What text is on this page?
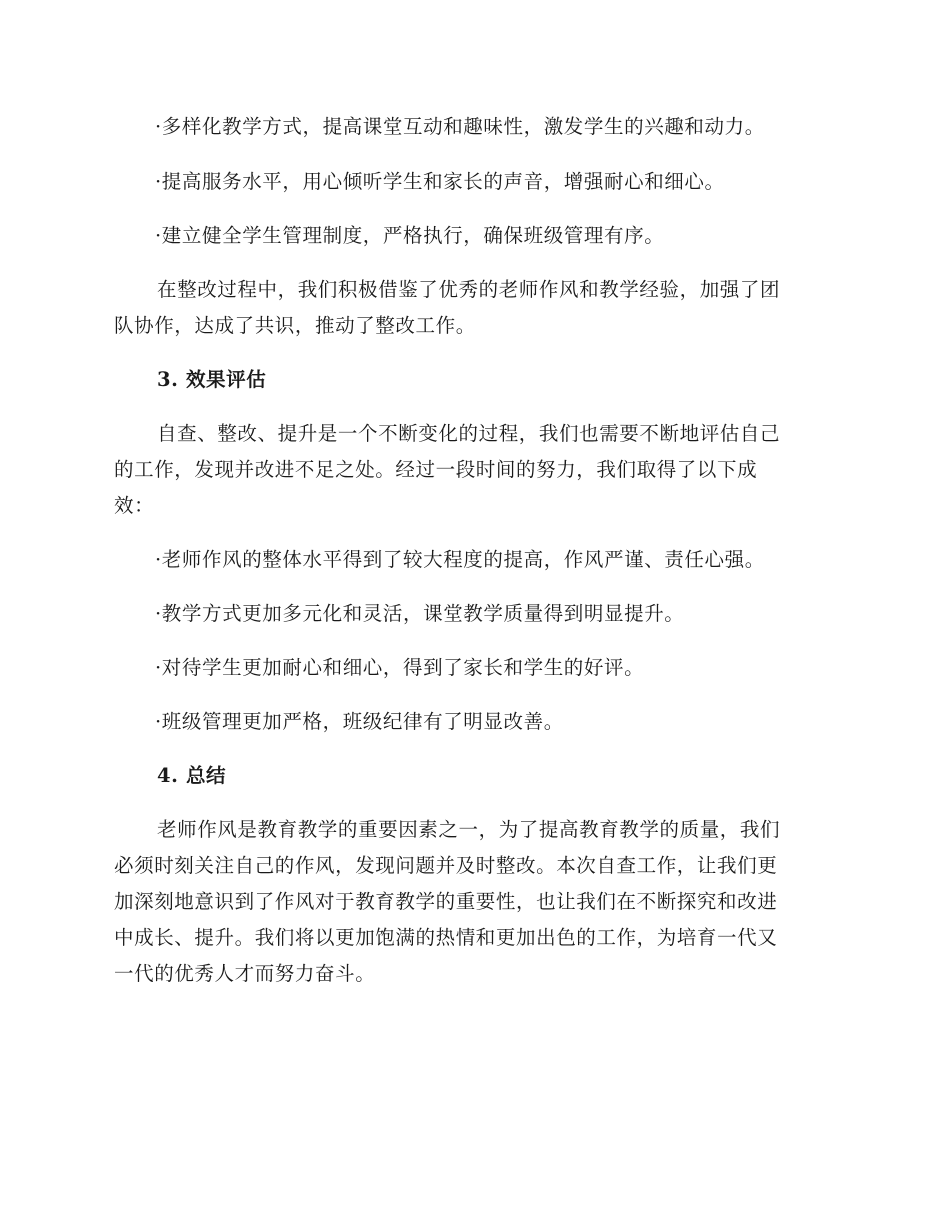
·多样化教学方式，提高课堂互动和趣味性，激发学生的兴趣和动力。
·提高服务水平，用心倾听学生和家长的声音，增强耐心和细心。
·建立健全学生管理制度，严格执行，确保班级管理有序。
在整改过程中，我们积极借鉴了优秀的老师作风和教学经验，加强了团
队协作，达成了共识，推动了整改工作。
3. 效果评估
自查、整改、提升是一个不断变化的过程，我们也需要不断地评估自己
的工作，发现并改进不足之处。经过一段时间的努力，我们取得了以下成
效：
·老师作风的整体水平得到了较大程度的提高，作风严谨、责任心强。
·教学方式更加多元化和灵活，课堂教学质量得到明显提升。
·对待学生更加耐心和细心，得到了家长和学生的好评。
·班级管理更加严格，班级纪律有了明显改善。
4. 总结
老师作风是教育教学的重要因素之一，为了提高教育教学的质量，我们
必须时刻关注自己的作风，发现问题并及时整改。本次自查工作，让我们更
加深刻地意识到了作风对于教育教学的重要性，也让我们在不断探究和改进
中成长、提升。我们将以更加饱满的热情和更加出色的工作，为培育一代又
一代的优秀人才而努力奋斗。
